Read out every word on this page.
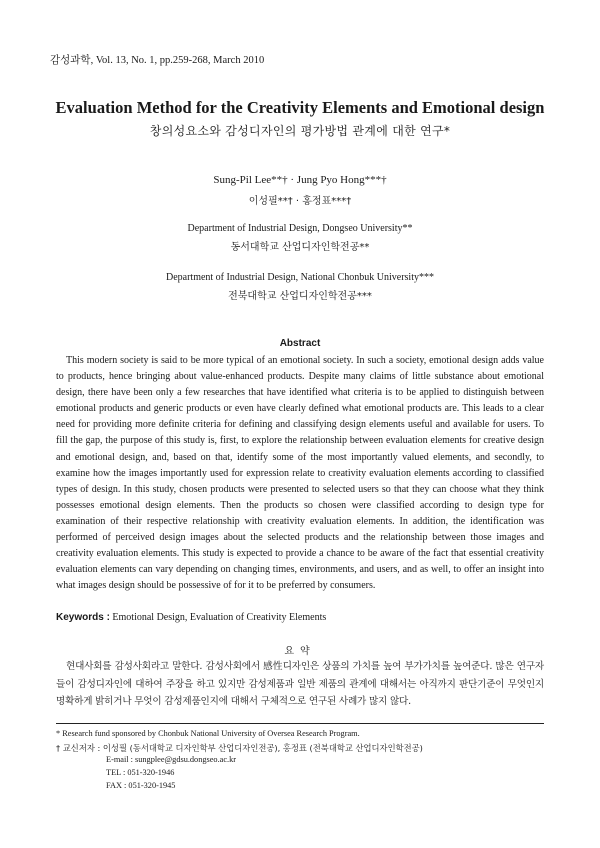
감성과학, Vol. 13, No. 1, pp.259-268, March 2010
Evaluation Method for the Creativity Elements and Emotional design
창의성요소와 감성디자인의 평가방법 관계에 대한 연구*
Sung-Pil Lee**† · Jung Pyo Hong***†
이성필**† · 홍정표***†
Department of Industrial Design, Dongseo University**
동서대학교 산업디자인학전공**
Department of Industrial Design, National Chonbuk University***
전북대학교 산업디자인학전공***
Abstract

This modern society is said to be more typical of an emotional society. In such a society, emotional design adds value to products, hence bringing about value-enhanced products. Despite many claims of little substance about emotional design, there have been only a few researches that have identified what criteria is to be applied to distinguish between emotional products and generic products or even have clearly defined what emotional products are. This leads to a clear need for providing more definite criteria for defining and classifying design elements useful and available for users. To fill the gap, the purpose of this study is, first, to explore the relationship between evaluation elements for creative design and emotional design, and, based on that, identify some of the most importantly valued elements, and secondly, to examine how the images importantly used for expression relate to creativity evaluation elements according to classified types of design. In this study, chosen products were presented to selected users so that they can choose what they think possesses emotional design elements. Then the products so chosen were classified according to design type for examination of their respective relationship with creativity evaluation elements. In addition, the identification was performed of perceived design images about the selected products and the relationship between those images and creativity evaluation elements. This study is expected to provide a chance to be aware of the fact that essential creativity evaluation elements can vary depending on changing times, environments, and users, and as well, to offer an insight into what images design should be possessive of for it to be preferred by consumers.

Keywords : Emotional Design, Evaluation of Creativity Elements
요약

현대사회를 감성사회라고 말한다. 감성사회에서 感性디자인은 상품의 가치를 높여 부가가치를 높여준다. 많은 연구자들이 감성디자인에 대하여 주장을 하고 있지만 감성제품과 일반 제품의 관계에 대해서는 아직까지 판단기준이 무엇인지 명확하게 밝히거나 무엇이 감성제품인지에 대해서 구체적으로 연구된 사례가 많지 않다.

* Research fund sponsored by Chonbuk National University of Oversea Research Program.
† 교신저자 : 이성필 (동서대학교 디자인학부 산업디자인전공), 홍정표 (전북대학교 산업디자인학전공)
E-mail : sungplee@gdsu.dongseo.ac.kr
TEL : 051-320-1946
FAX : 051-320-1945
